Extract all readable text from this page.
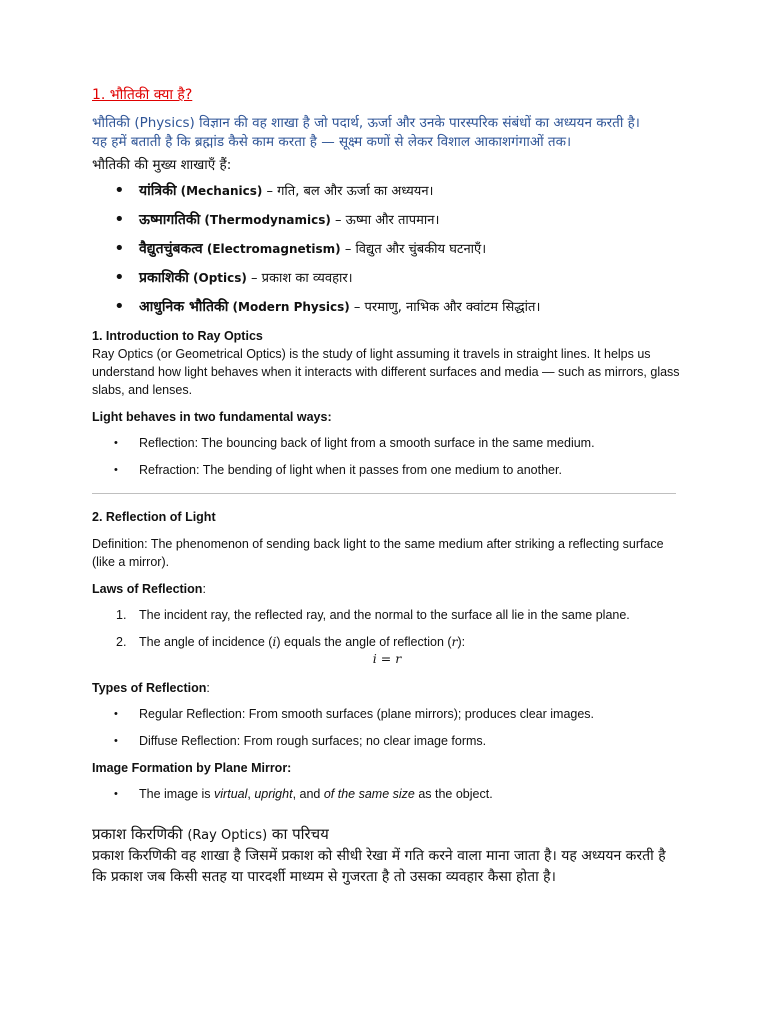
1. भौतिकी क्या है?

भौतिकी (Physics) विज्ञान की वह शाखा है जो पदार्थ, ऊर्जा और उनके पारस्परिक संबंधों का अध्ययन करती है।

यह हमें बताती है कि ब्रह्मांड कैसे काम करता है — सूक्ष्म कणों से लेकर विशाल आकाशगंगाओं तक।

भौतिकी की मुख्य शाखाएँ हैं:

• यांत्रिकी (Mechanics) – गति, बल और ऊर्जा का अध्ययन।
• ऊष्मागतिकी (Thermodynamics) – ऊष्मा और तापमान।
• वैद्युतचुंबकत्व (Electromagnetism) – विद्युत और चुंबकीय घटनाएँ।
• प्रकाशिकी (Optics) – प्रकाश का व्यवहार।
• आधुनिक भौतिकी (Modern Physics) – परमाणु, नाभिक और क्वांटम सिद्धांत।

1. Introduction to Ray Optics

Ray Optics (or Geometrical Optics) is the study of light assuming it travels in straight lines. It helps us understand how light behaves when it interacts with different surfaces and media — such as mirrors, glass slabs, and lenses.

Light behaves in two fundamental ways:

• Reflection: The bouncing back of light from a smooth surface in the same medium.
• Refraction: The bending of light when it passes from one medium to another.

2. Reflection of Light

Definition: The phenomenon of sending back light to the same medium after striking a reflecting surface (like a mirror).

Laws of Reflection:

1. The incident ray, the reflected ray, and the normal to the surface all lie in the same plane.
2. The angle of incidence (i) equals the angle of reflection (r):
i = r

Types of Reflection:

• Regular Reflection: From smooth surfaces (plane mirrors); produces clear images.
• Diffuse Reflection: From rough surfaces; no clear image forms.

Image Formation by Plane Mirror:

• The image is virtual, upright, and of the same size as the object.

प्रकाश किरणिकी (Ray Optics) का परिचय

प्रकाश किरणिकी वह शाखा है जिसमें प्रकाश को सीधी रेखा में गति करने वाला माना जाता है। यह अध्ययन करती है कि प्रकाश जब किसी सतह या पारदर्शी माध्यम से गुजरता है तो उसका व्यवहार कैसा होता है।
